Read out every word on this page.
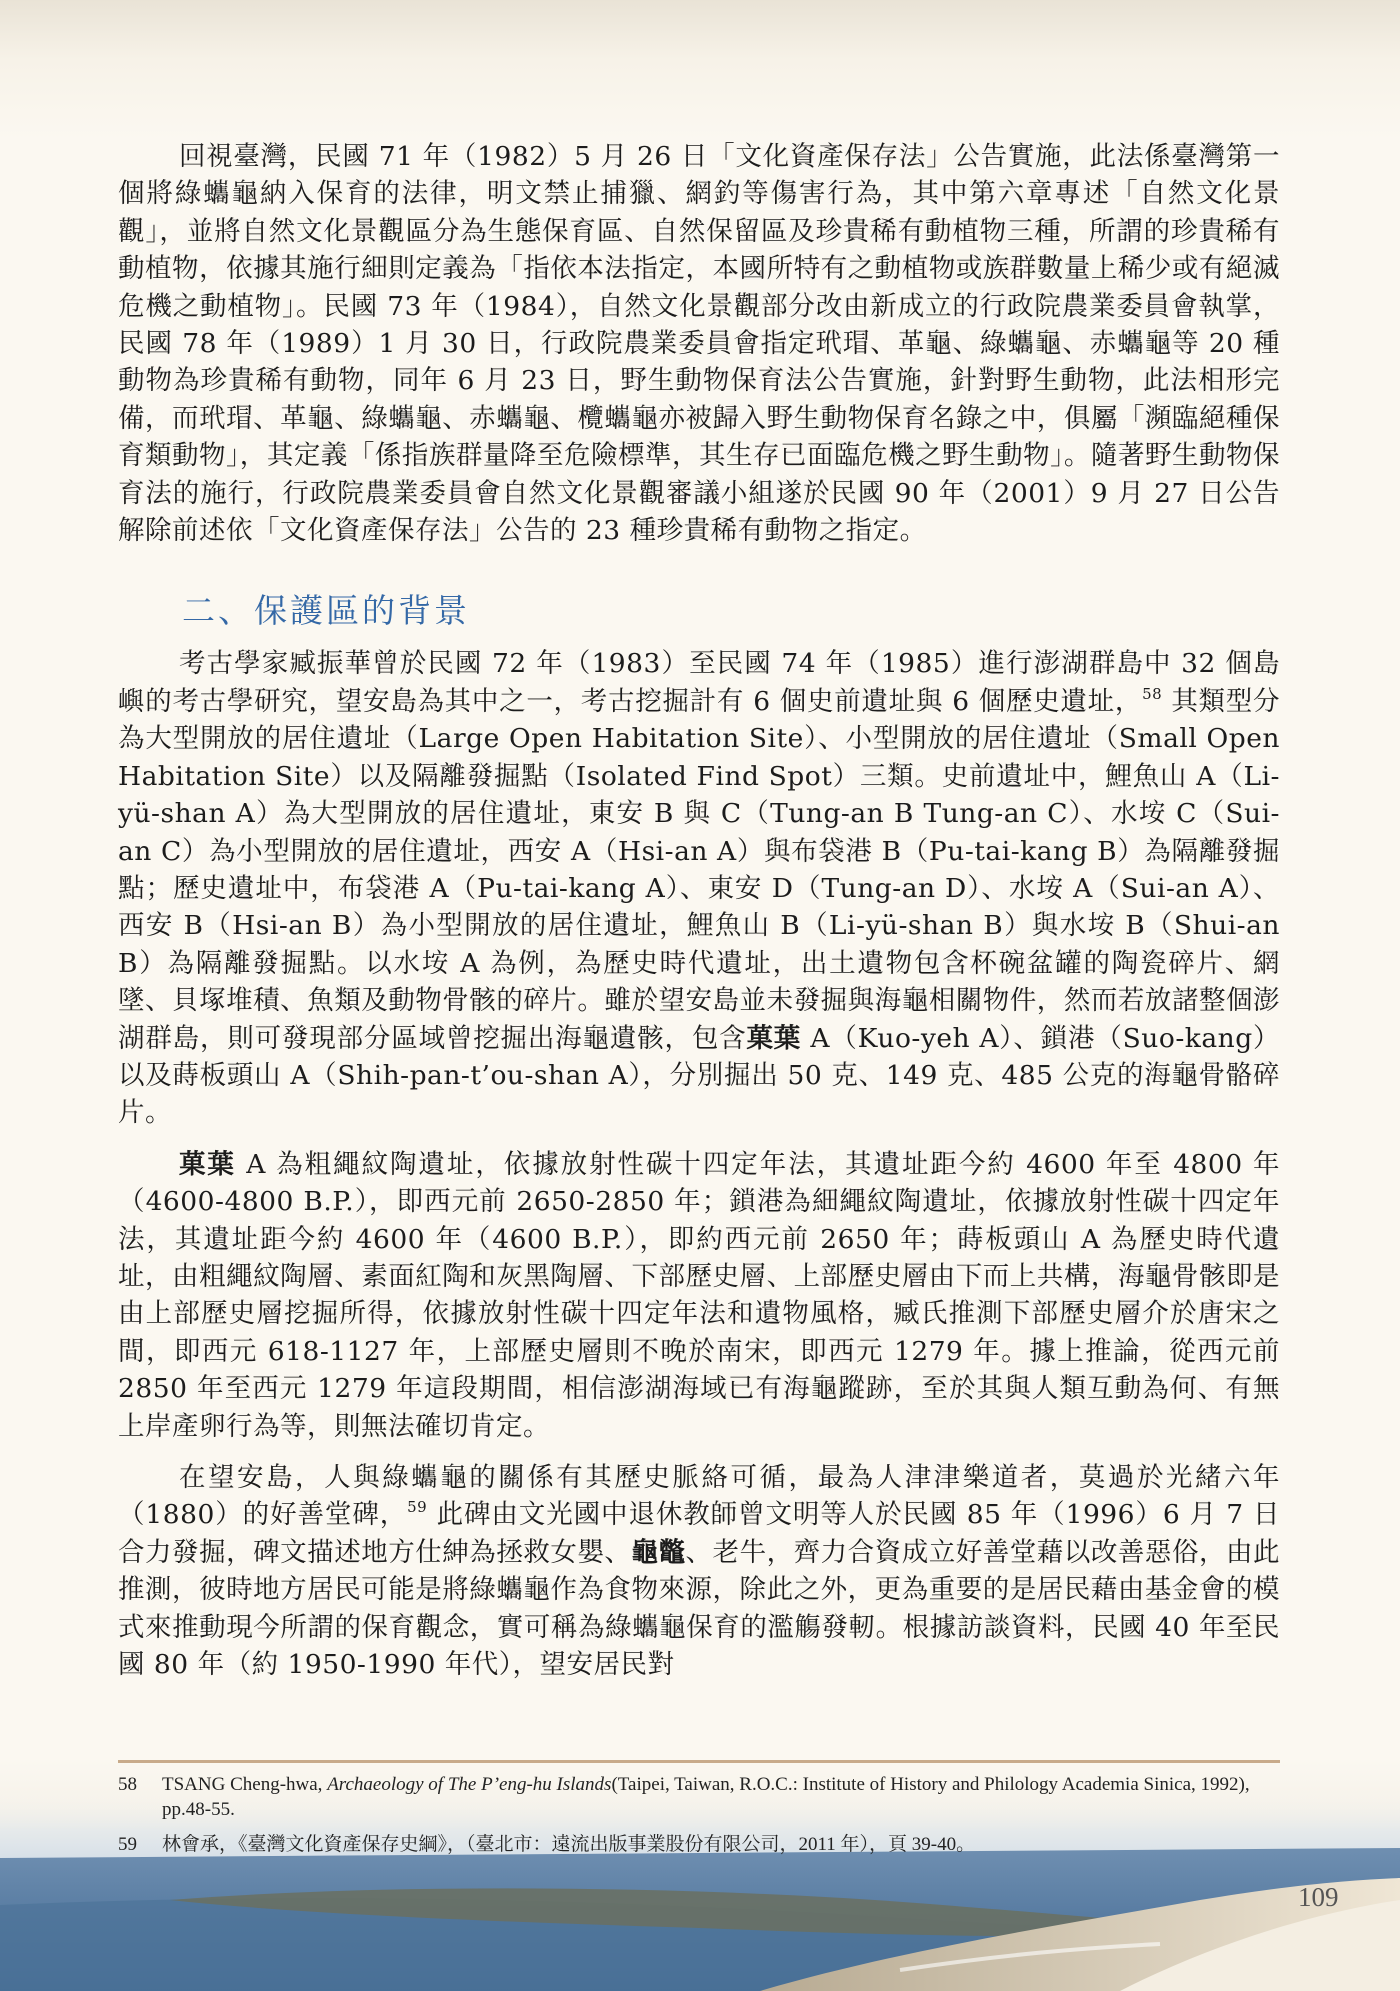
回視臺灣，民國 71 年（1982）5 月 26 日「文化資產保存法」公告實施，此法係臺灣第一個將綠蠵龜納入保育的法律，明文禁止捕獵、網釣等傷害行為，其中第六章專述「自然文化景觀」，並將自然文化景觀區分為生態保育區、自然保留區及珍貴稀有動植物三種，所謂的珍貴稀有動植物，依據其施行細則定義為「指依本法指定，本國所特有之動植物或族群數量上稀少或有絕滅危機之動植物」。民國 73 年（1984），自然文化景觀部分改由新成立的行政院農業委員會執掌，民國 78 年（1989）1 月 30 日，行政院農業委員會指定玳瑁、革龜、綠蠵龜、赤蠵龜等 20 種動物為珍貴稀有動物，同年 6 月 23 日，野生動物保育法公告實施，針對野生動物，此法相形完備，而玳瑁、革龜、綠蠵龜、赤蠵龜、欖蠵龜亦被歸入野生動物保育名錄之中，俱屬「瀕臨絕種保育類動物」，其定義「係指族群量降至危險標準，其生存已面臨危機之野生動物」。隨著野生動物保育法的施行，行政院農業委員會自然文化景觀審議小組遂於民國 90 年（2001）9 月 27 日公告解除前述依「文化資產保存法」公告的 23 種珍貴稀有動物之指定。

二、保護區的背景

考古學家臧振華曾於民國 72 年（1983）至民國 74 年（1985）進行澎湖群島中 32 個島嶼的考古學研究，望安島為其中之一，考古挖掘計有 6 個史前遺址與 6 個歷史遺址，$^{58}$ 其類型分為大型開放的居住遺址（Large Open Habitation Site）、小型開放的居住遺址（Small Open Habitation Site）以及隔離發掘點（Isolated Find Spot）三類。史前遺址中，鯉魚山 A（Li-yü-shan A）為大型開放的居住遺址，東安 B 與 C（Tung-an B Tung-an C）、水垵 C（Sui-an C）為小型開放的居住遺址，西安 A（Hsi-an A）與布袋港 B（Pu-tai-kang B）為隔離發掘點；歷史遺址中，布袋港 A（Pu-tai-kang A）、東安 D（Tung-an D）、水垵 A（Sui-an A）、西安 B（Hsi-an B）為小型開放的居住遺址，鯉魚山 B（Li-yü-shan B）與水垵 B（Shui-an B）為隔離發掘點。以水垵 A 為例，為歷史時代遺址，出土遺物包含杯碗盆罐的陶瓷碎片、網墜、貝塚堆積、魚類及動物骨骸的碎片。雖於望安島並未發掘與海龜相關物件，然而若放諸整個澎湖群島，則可發現部分區域曾挖掘出海龜遺骸，包含菓葉 A（Kuo-yeh A）、鎖港（Suo-kang）以及蒔板頭山 A（Shih-pan-t’ou-shan A），分別掘出 50 克、149 克、485 公克的海龜骨骼碎片。

菓葉 A 為粗繩紋陶遺址，依據放射性碳十四定年法，其遺址距今約 4600 年至 4800 年（4600-4800 B.P.），即西元前 2650-2850 年；鎖港為細繩紋陶遺址，依據放射性碳十四定年法，其遺址距今約 4600 年（4600 B.P.），即約西元前 2650 年；蒔板頭山 A 為歷史時代遺址，由粗繩紋陶層、素面紅陶和灰黑陶層、下部歷史層、上部歷史層由下而上共構，海龜骨骸即是由上部歷史層挖掘所得，依據放射性碳十四定年法和遺物風格，臧氏推測下部歷史層介於唐宋之間，即西元 618-1127 年，上部歷史層則不晚於南宋，即西元 1279 年。據上推論，從西元前 2850 年至西元 1279 年這段期間，相信澎湖海域已有海龜蹤跡，至於其與人類互動為何、有無上岸產卵行為等，則無法確切肯定。

在望安島，人與綠蠵龜的關係有其歷史脈絡可循，最為人津津樂道者，莫過於光緒六年（1880）的好善堂碑，$^{59}$ 此碑由文光國中退休教師曾文明等人於民國 85 年（1996）6 月 7 日合力發掘，碑文描述地方仕紳為拯救女嬰、龜鼈、老牛，齊力合資成立好善堂藉以改善惡俗，由此推測，彼時地方居民可能是將綠蠵龜作為食物來源，除此之外，更為重要的是居民藉由基金會的模式來推動現今所謂的保育觀念，實可稱為綠蠵龜保育的濫觴發軔。根據訪談資料，民國 40 年至民國 80 年（約 1950-1990 年代），望安居民對

58	TSANG Cheng-hwa, Archaeology of The P’eng-hu Islands(Taipei, Taiwan, R.O.C.: Institute of History and Philology Academia Sinica, 1992), pp.48-55.
59	林會承，《臺灣文化資產保存史綱》，（臺北市：遠流出版事業股份有限公司，2011 年），頁 39-40。
109
